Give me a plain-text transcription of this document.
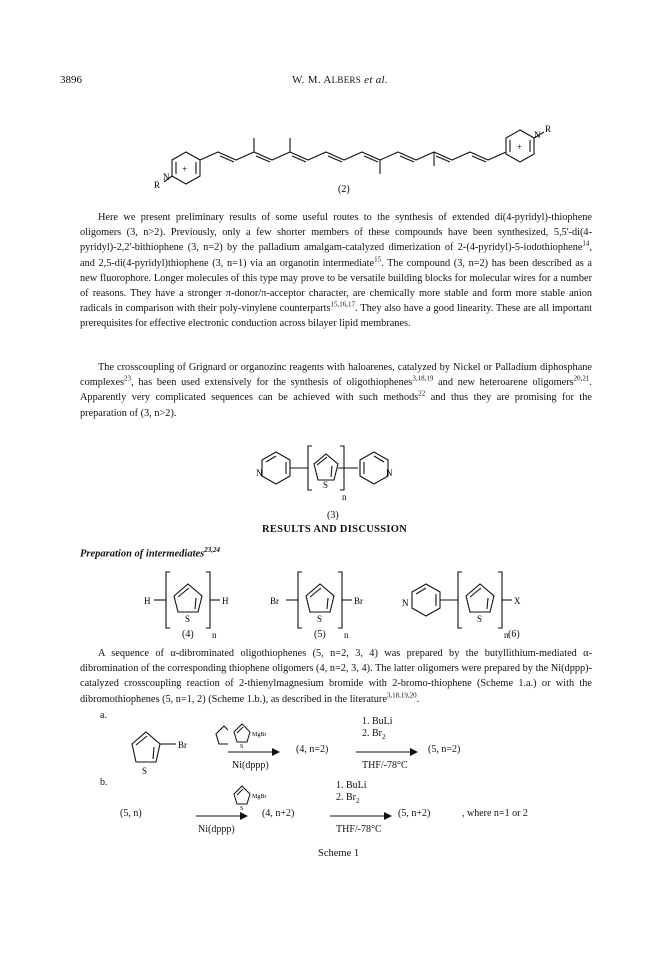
3896	W. M. ALBERS et al.
+
N
R
+
N
R
(2)

Here we present preliminary results of some useful routes to the synthesis of extended di(4-pyridyl)-thiophene oligomers (3, n>2). Previously, only a few shorter members of these compounds have been synthesized, 5,5'-di(4-pyridyl)-2,2'-bithiophene (3, n=2) by the palladium amalgam-catalyzed dimerization of 2-(4-pyridyl)-5-iodothiophene$^{14}$, and 2,5-di(4-pyridyl)thiophene (3, n=1) via an organotin intermediate$^{15}$. The compound (3, n=2) has been described as a new fluorophore. Longer molecules of this type may prove to be versatile building blocks for molecular wires for a number of reasons. They have a stronger π-donor/π-acceptor character, are chemically more stable and form more stable anion radicals in comparison with their poly-vinylene counterparts$^{15,16,17}$. They also have a good linearity. These are all important prerequisites for effective electronic conduction across bilayer lipid membranes.

The crosscoupling of Grignard or organozinc reagents with haloarenes, catalyzed by Nickel or Palladium diphosphane complexes$^{23}$, has been used extensively for the synthesis of oligothiophenes$^{3,18,19}$ and new heteroarene oligomers$^{20,21}$. Apparently very complicated sequences can be achieved with such methods$^{22}$ and thus they are promising for the preparation of (3, n>2).

N	N
S
n
(3)
RESULTS AND DISCUSSION
Preparation of intermediates$^{23,24}$
H	H
S
n
(4)
Br	Br
S
n
(5)
N	X
S
n (6)

A sequence of α-dibrominated oligothiophenes (5, n=2, 3, 4) was prepared by the butyllithium-mediated α-dibromination of the corresponding thiophene oligomers (4, n=2, 3, 4). The latter oligomers were prepared by the Ni(dppp)-catalyzed crosscoupling reaction of 2-thienylmagnesium bromide with 2-bromo-thiophene (Scheme 1.a.) or with the dibromothiophenes (5, n=1, 2) (Scheme 1.b.), as described in the literature$^{3,18,19,20}$.

a.
S
Br	S
MgBr
Ni(dppp)
(4, n=2)
1. BuLi
2. $Br_2$
THF/-78°C
(5, n=2)
b.
S
MgBr
(5, n)
Ni(dppp)
(4, n+2)
1. BuLi
2. $Br_2$
THF/-78°C
(5, n+2)	, where n=1 or 2
Scheme 1
